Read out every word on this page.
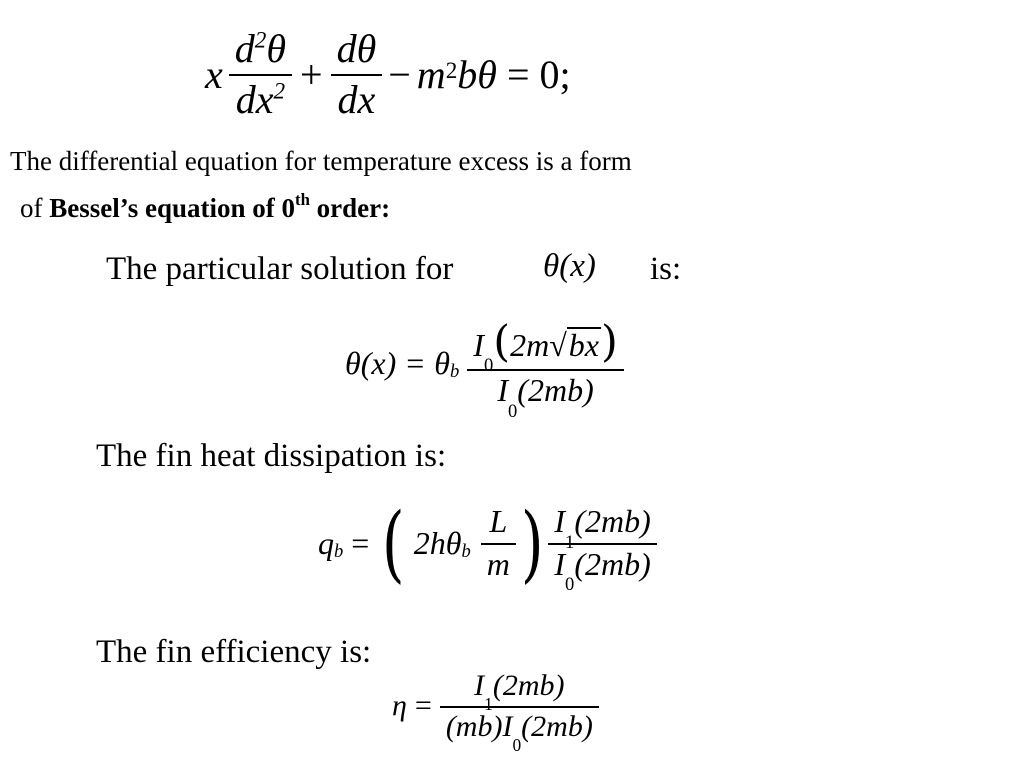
x $\frac{d^2\theta}{dx^2} + \frac{d\theta}{dx} - m^2$ bθ = 0;
The differential equation for temperature excess is a form
of Bessel’s equation of 0th order:
The particular solution for	θ(x) is:
$\theta(x) = \theta_b \frac{I_0(2m √ bx )}{I_0(2mb)}$
The fin heat dissipation is:
$q_b$ = ( 2h $\theta_b \frac{L}{m}$ ) $\frac{I_1(2mb)}{I_0(2mb)}$
The fin efficiency is:
$\eta = \frac{I_1(2mb)}{(mb)I_0(2mb)}$
